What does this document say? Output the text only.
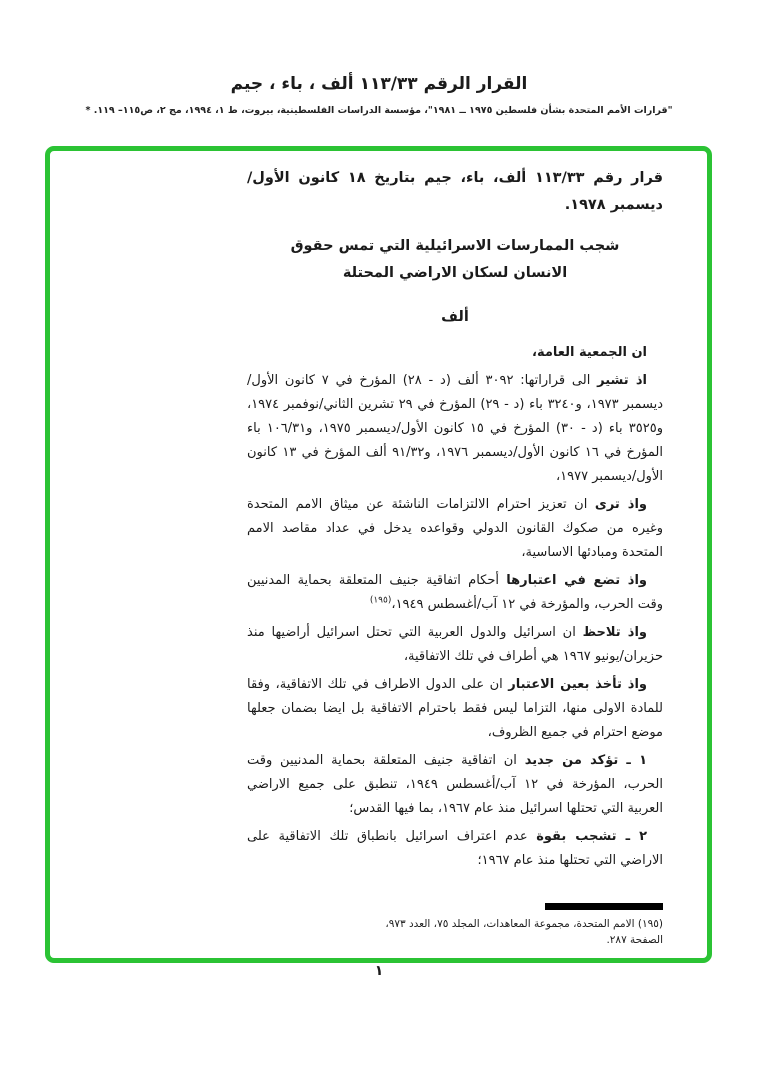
القرار الرقم ١١٣/٣٣ ألف ، باء ، جيم
"قرارات الأمم المتحدة بشأن فلسطين ١٩٧٥ ــ ١٩٨١"، مؤسسة الدراسات الفلسطينية، بيروت، ط ١، ١٩٩٤، مج ٢، ص١١٥– ١١٩. *

قرار رقم ١١٣/٣٣ ألف، باء، جيم بتاريخ ١٨ كانون الأول/ديسمبر ١٩٧٨.

شجب الممارسات الاسرائيلية التي تمس حقوق
الانسان لسكان الاراضي المحتلة
ألف

ان الجمعية العامة،

اذ تشير الى قراراتها: ٣٠٩٢ ألف (د - ٢٨) المؤرخ في ٧ كانون الأول/ديسمبر ١٩٧٣، و٣٢٤٠ باء (د - ٢٩) المؤرخ في ٢٩ تشرين الثاني/نوفمبر ١٩٧٤، و٣٥٢٥ باء (د - ٣٠) المؤرخ في ١٥ كانون الأول/ديسمبر ١٩٧٥، و١٠٦/٣١ باء المؤرخ في ١٦ كانون الأول/ديسمبر ١٩٧٦، و٩١/٣٢ ألف المؤرخ في ١٣ كانون الأول/ديسمبر ١٩٧٧،

واذ ترى ان تعزيز احترام الالتزامات الناشئة عن ميثاق الامم المتحدة وغيره من صكوك القانون الدولي وقواعده يدخل في عداد مقاصد الامم المتحدة ومبادئها الاساسية،

واذ تضع في اعتبارها أحكام اتفاقية جنيف المتعلقة بحماية المدنيين وقت الحرب، والمؤرخة في ١٢ آب/أغسطس ١٩٤٩،$^{(١٩٥)}$

واذ تلاحظ ان اسرائيل والدول العربية التي تحتل اسرائيل أراضيها منذ حزيران/يونيو ١٩٦٧ هي أطراف في تلك الاتفاقية،

واذ تأخذ بعين الاعتبار ان على الدول الاطراف في تلك الاتفاقية، وفقا للمادة الاولى منها، التزاما ليس فقط باحترام الاتفاقية بل ايضا بضمان جعلها موضع احترام في جميع الظروف،

١ ـ تؤكد من جديد ان اتفاقية جنيف المتعلقة بحماية المدنيين وقت الحرب، المؤرخة في ١٢ آب/أغسطس ١٩٤٩، تنطبق على جميع الاراضي العربية التي تحتلها اسرائيل منذ عام ١٩٦٧، بما فيها القدس؛

٢ ـ تشجب بقوة عدم اعتراف اسرائيل بانطباق تلك الاتفاقية على الاراضي التي تحتلها منذ عام ١٩٦٧؛

(١٩٥) الامم المتحدة، مجموعة المعاهدات، المجلد ٧٥، العدد ٩٧٣، الصفحة ٢٨٧.

١
